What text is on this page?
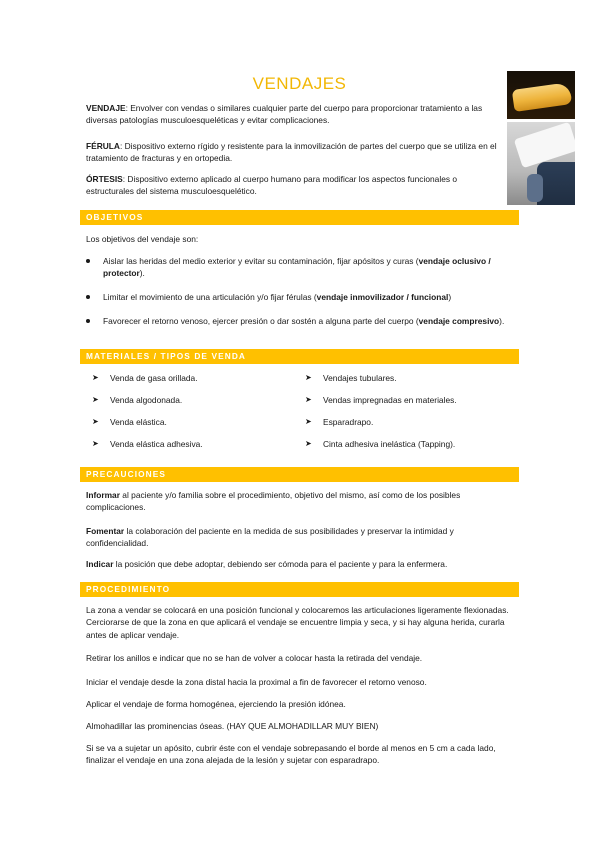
VENDAJES
VENDAJE: Envolver con vendas o similares cualquier parte del cuerpo para proporcionar tratamiento a las diversas patologías musculoesqueléticas y evitar complicaciones.
FÉRULA: Dispositivo externo rígido y resistente para la inmovilización de partes del cuerpo que se utiliza en el tratamiento de fracturas y en ortopedia.
ÓRTESIS: Dispositivo externo aplicado al cuerpo humano para modificar los aspectos funcionales o estructurales del sistema musculoesquelético.
OBJETIVOS
Los objetivos del vendaje son:
Aislar las heridas del medio exterior y evitar su contaminación, fijar apósitos y curas (vendaje oclusivo / protector).
Limitar el movimiento de una articulación y/o fijar férulas (vendaje inmovilizador / funcional)
Favorecer el retorno venoso, ejercer presión o dar sostén a alguna parte del cuerpo (vendaje compresivo).
MATERIALES / TIPOS DE VENDA
➤ Venda de gasa orillada.
➤ Venda algodonada.
➤ Venda elástica.
➤ Venda elástica adhesiva.
➤ Vendajes tubulares.
➤ Vendas impregnadas en materiales.
➤ Esparadrapo.
➤ Cinta adhesiva inelástica (Tapping).
PRECAUCIONES
Informar al paciente y/o familia sobre el procedimiento, objetivo del mismo, así como de los posibles complicaciones.
Fomentar la colaboración del paciente en la medida de sus posibilidades y preservar la intimidad y confidencialidad.
Indicar la posición que debe adoptar, debiendo ser cómoda para el paciente y para la enfermera.
PROCEDIMIENTO
La zona a vendar se colocará en una posición funcional y colocaremos las articulaciones ligeramente flexionadas. Cerciorarse de que la zona en que aplicará el vendaje se encuentre limpia y seca, y si hay alguna herida, curarla antes de aplicar vendaje.
Retirar los anillos e indicar que no se han de volver a colocar hasta la retirada del vendaje.
Iniciar el vendaje desde la zona distal hacia la proximal a fin de favorecer el retorno venoso.
Aplicar el vendaje de forma homogénea, ejerciendo la presión idónea.
Almohadillar las prominencias óseas. (HAY QUE ALMOHADILLAR MUY BIEN)
Si se va a sujetar un apósito, cubrir éste con el vendaje sobrepasando el borde al menos en 5 cm a cada lado, finalizar el vendaje en una zona alejada de la lesión y sujetar con esparadrapo.
